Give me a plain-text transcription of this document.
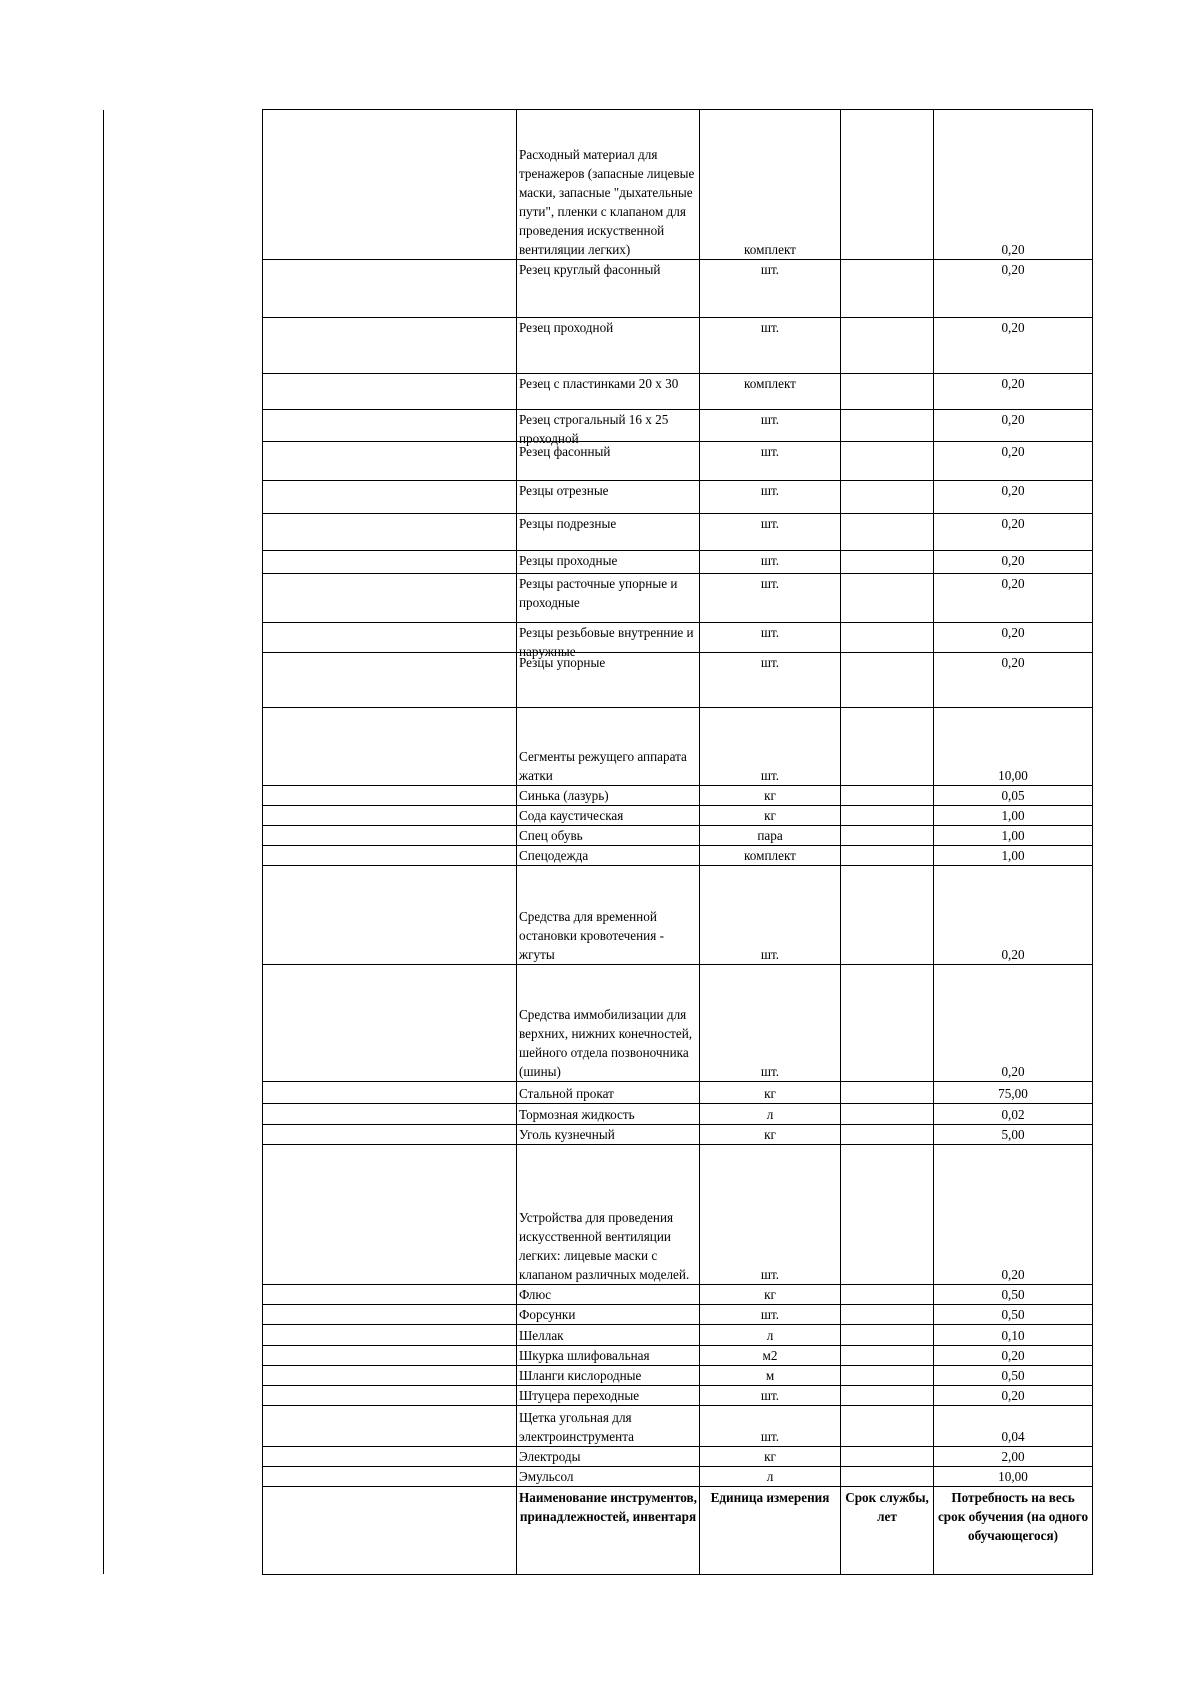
	Расходный материал для тренажеров (запасные лицевые маски, запасные "дыхательные пути", пленки с клапаном для проведения искуственной вентиляции легких)	комплект		0,20

	Резец круглый фасонный	шт.		0,20

	Резец проходной	шт.		0,20

	Резец с пластинками 20 х 30	комплект		0,20

	Резец строгальный 16 х 25 проходной	шт.		0,20

	Резец фасонный	шт.		0,20

	Резцы отрезные	шт.		0,20

	Резцы подрезные	шт.		0,20

	Резцы проходные	шт.		0,20

	Резцы расточные упорные и проходные	шт.		0,20

	Резцы резьбовые внутренние и наружные	шт.		0,20

	Резцы упорные	шт.		0,20

	Сегменты режущего аппарата жатки	шт.		10,00

	Синька (лазурь)	кг		0,05

	Сода каустическая	кг		1,00

	Спец обувь	пара		1,00

	Спецодежда	комплект		1,00

	Средства для временной остановки кровотечения - жгуты	шт.		0,20

	Средства иммобилизации для верхних, нижних конечностей, шейного отдела позвоночника (шины)	шт.		0,20

	Стальной прокат	кг		75,00

	Тормозная жидкость	л		0,02

	Уголь кузнечный	кг		5,00

	Устройства для проведения искусственной вентиляции легких: лицевые маски с клапаном различных моделей.	шт.		0,20

	Флюс	кг		0,50

	Форсунки	шт.		0,50

	Шеллак	л		0,10

	Шкурка шлифовальная	м2		0,20

	Шланги кислородные	м		0,50

	Штуцера переходные	шт.		0,20

	Щетка угольная для электроинструмента	шт.		0,04

	Электроды	кг		2,00

	Эмульсол	л		10,00

	Наименование инструментов, принадлежностей, инвентаря	Единица измерения	Срок службы, лет	Потребность на весь срок обучения (на одного обучающегося)
